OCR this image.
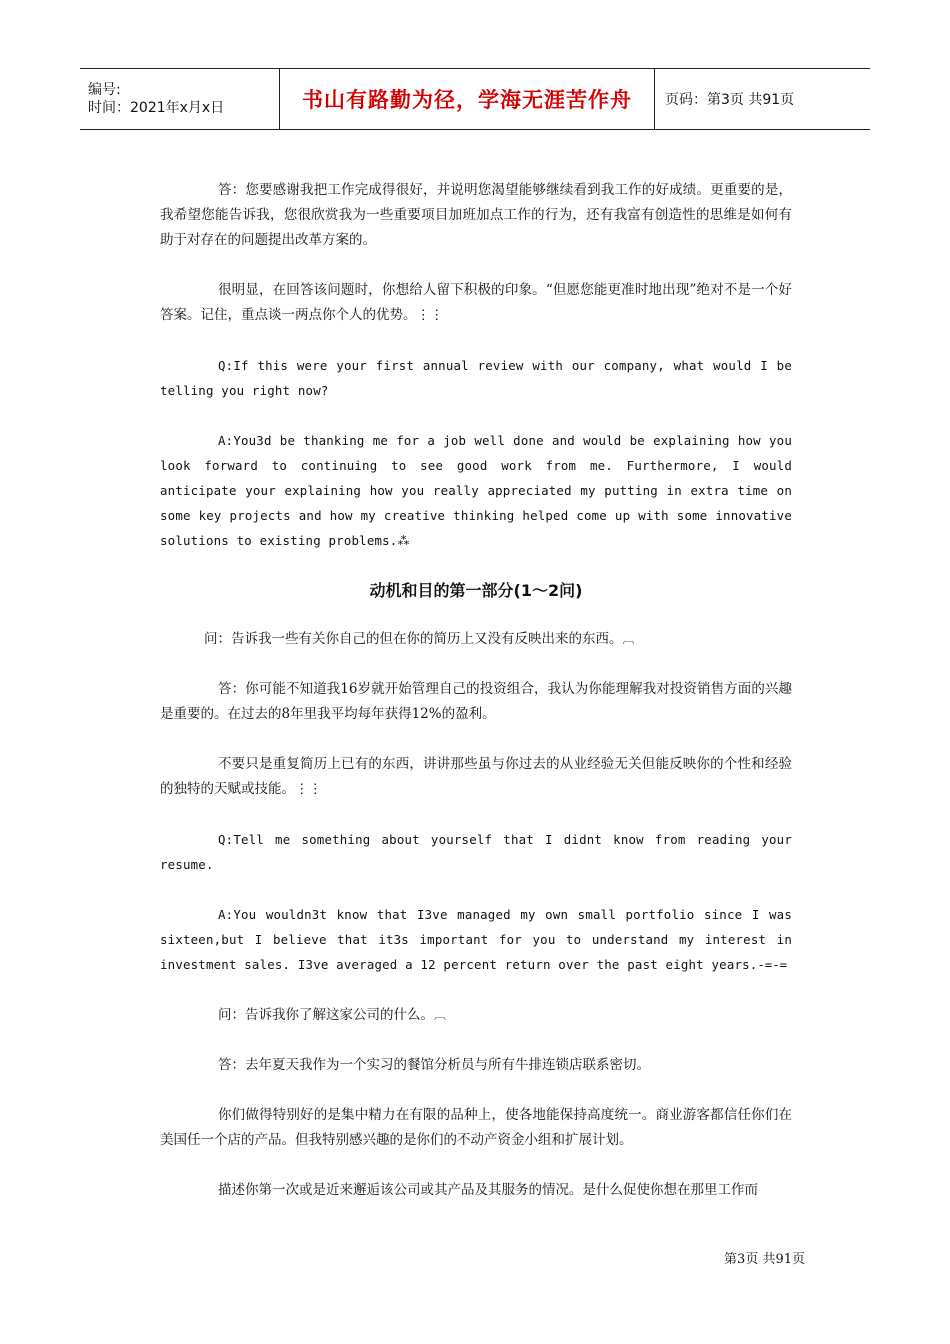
编号:
时间：2021年x月x日	书山有路勤为径，学海无涯苦作舟 页码：第3页 共91页

答：您要感谢我把工作完成得很好，并说明您渴望能够继续看到我工作的好成绩。更重要的是，我希望您能告诉我，您很欣赏我为一些重要项目加班加点工作的行为，还有我富有创造性的思维是如何有助于对存在的问题提出改革方案的。

很明显，在回答该问题时，你想给人留下积极的印象。“但愿您能更准时地出现”绝对不是一个好答案。记住，重点谈一两点你个人的优势。⋮⋮

Q:If this were your first annual review with our company, what would I be telling you right now?

A:You3d be thanking me for a job well done and would be explaining how you look forward to continuing to see good work from me. Furthermore, I would anticipate your explaining how you really appreciated my putting in extra time on some key projects and how my creative thinking helped come up with some innovative solutions to existing problems.⁂

动机和目的第一部分(1～2问)

问：告诉我一些有关你自己的但在你的简历上又没有反映出来的东西。︹

答：你可能不知道我16岁就开始管理自己的投资组合，我认为你能理解我对投资销售方面的兴趣是重要的。在过去的8年里我平均每年获得12%的盈利。

不要只是重复简历上已有的东西，讲讲那些虽与你过去的从业经验无关但能反映你的个性和经验的独特的天赋或技能。⋮⋮

Q:Tell me something about yourself that I didnt know from reading your resume.

A:You wouldn3t know that I3ve managed my own small portfolio since I was sixteen,but I believe that it3s important for you to understand my interest in investment sales. I3ve averaged a 12 percent return over the past eight years.-=-=

问：告诉我你了解这家公司的什么。︹

答：去年夏天我作为一个实习的餐馆分析员与所有牛排连锁店联系密切。

你们做得特别好的是集中精力在有限的品种上，使各地能保持高度统一。商业游客都信任你们在美国任一个店的产品。但我特别感兴趣的是你们的不动产资金小组和扩展计划。

描述你第一次或是近来邂逅该公司或其产品及其服务的情况。是什么促使你想在那里工作而

第3页 共91页
